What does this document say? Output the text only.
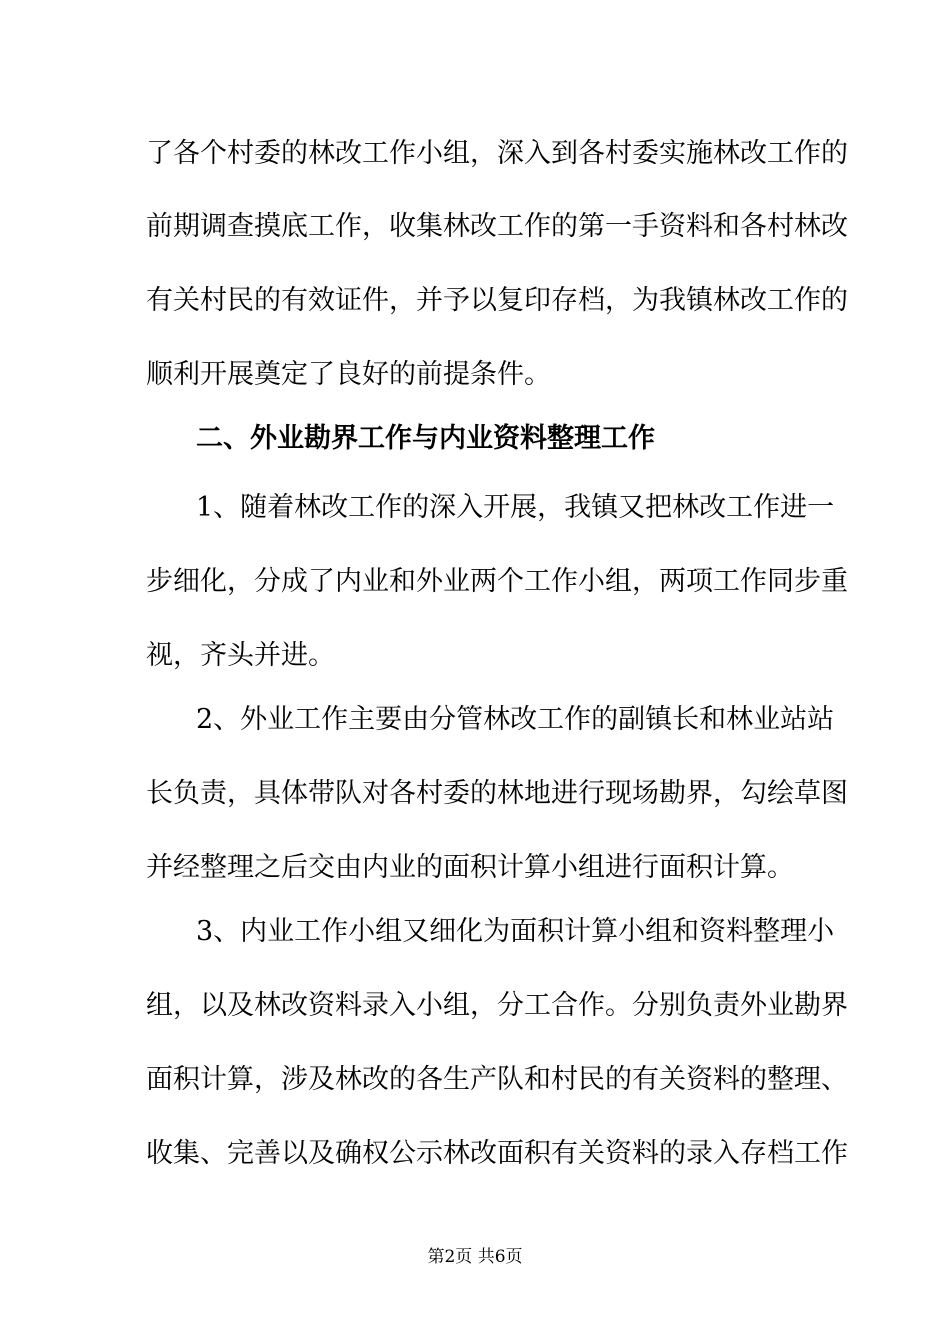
了各个村委的林改工作小组，深入到各村委实施林改工作的
前期调查摸底工作，收集林改工作的第一手资料和各村林改
有关村民的有效证件，并予以复印存档，为我镇林改工作的
顺利开展奠定了良好的前提条件。
二、外业勘界工作与内业资料整理工作
1、随着林改工作的深入开展，我镇又把林改工作进一
步细化，分成了内业和外业两个工作小组，两项工作同步重
视，齐头并进。
2、外业工作主要由分管林改工作的副镇长和林业站站
长负责，具体带队对各村委的林地进行现场勘界，勾绘草图
并经整理之后交由内业的面积计算小组进行面积计算。
3、内业工作小组又细化为面积计算小组和资料整理小
组，以及林改资料录入小组，分工合作。分别负责外业勘界
面积计算，涉及林改的各生产队和村民的有关资料的整理、
收集、完善以及确权公示林改面积有关资料的录入存档工作
第2页 共6页
